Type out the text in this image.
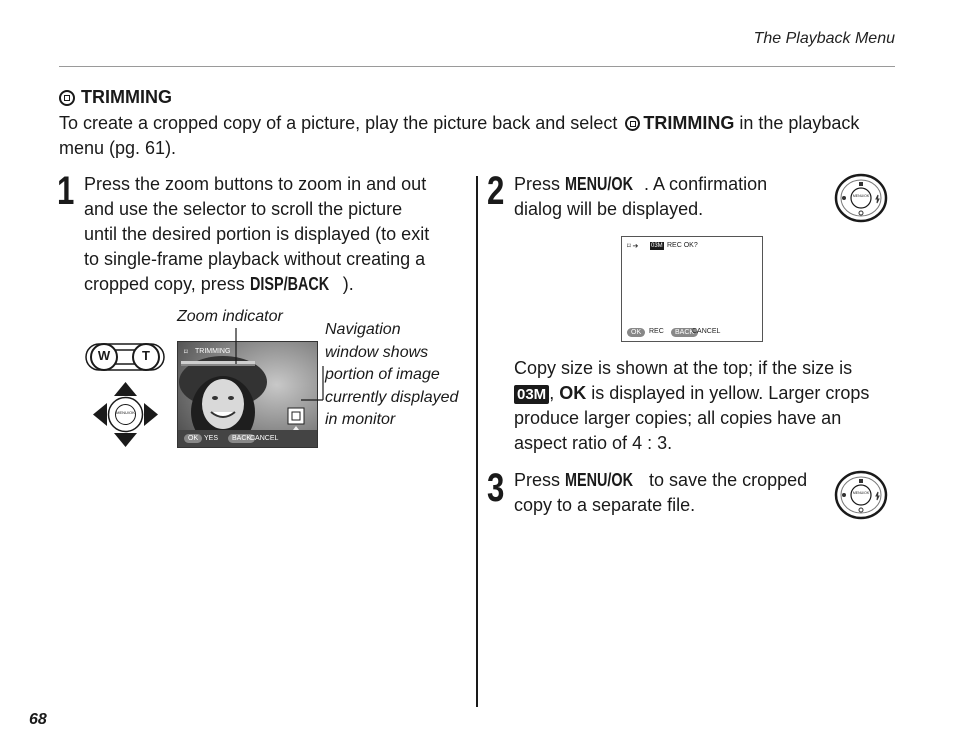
The Playback Menu
TRIMMING
To create a cropped copy of a picture, play the picture back and select TRIMMING in the playback menu (pg. 61).
1 Press the zoom buttons to zoom in and out
and use the selector to scroll the picture
until the desired portion is displayed (to exit
to single-frame playback without creating a
cropped copy, press DISP/BACK ).
W	T
MENU/OK
⌑ TRIMMING
OK YES	BACK
CANCEL
Zoom indicator
Navigation
window shows
portion of image
currently displayed
in monitor
2 Press MENU/OK . A confirmation
dialog will be displayed.
MENU/OK
⌑ ➔ 03M REC OK?
OK	REC	BACK
CANCEL
Copy size is shown at the top; if the size is
03M , OK is displayed in yellow. Larger crops
produce larger copies; all copies have an
aspect ratio of 4 : 3.
3 Press MENU/OK to save the cropped
copy to a separate file.
MENU/OK
68
